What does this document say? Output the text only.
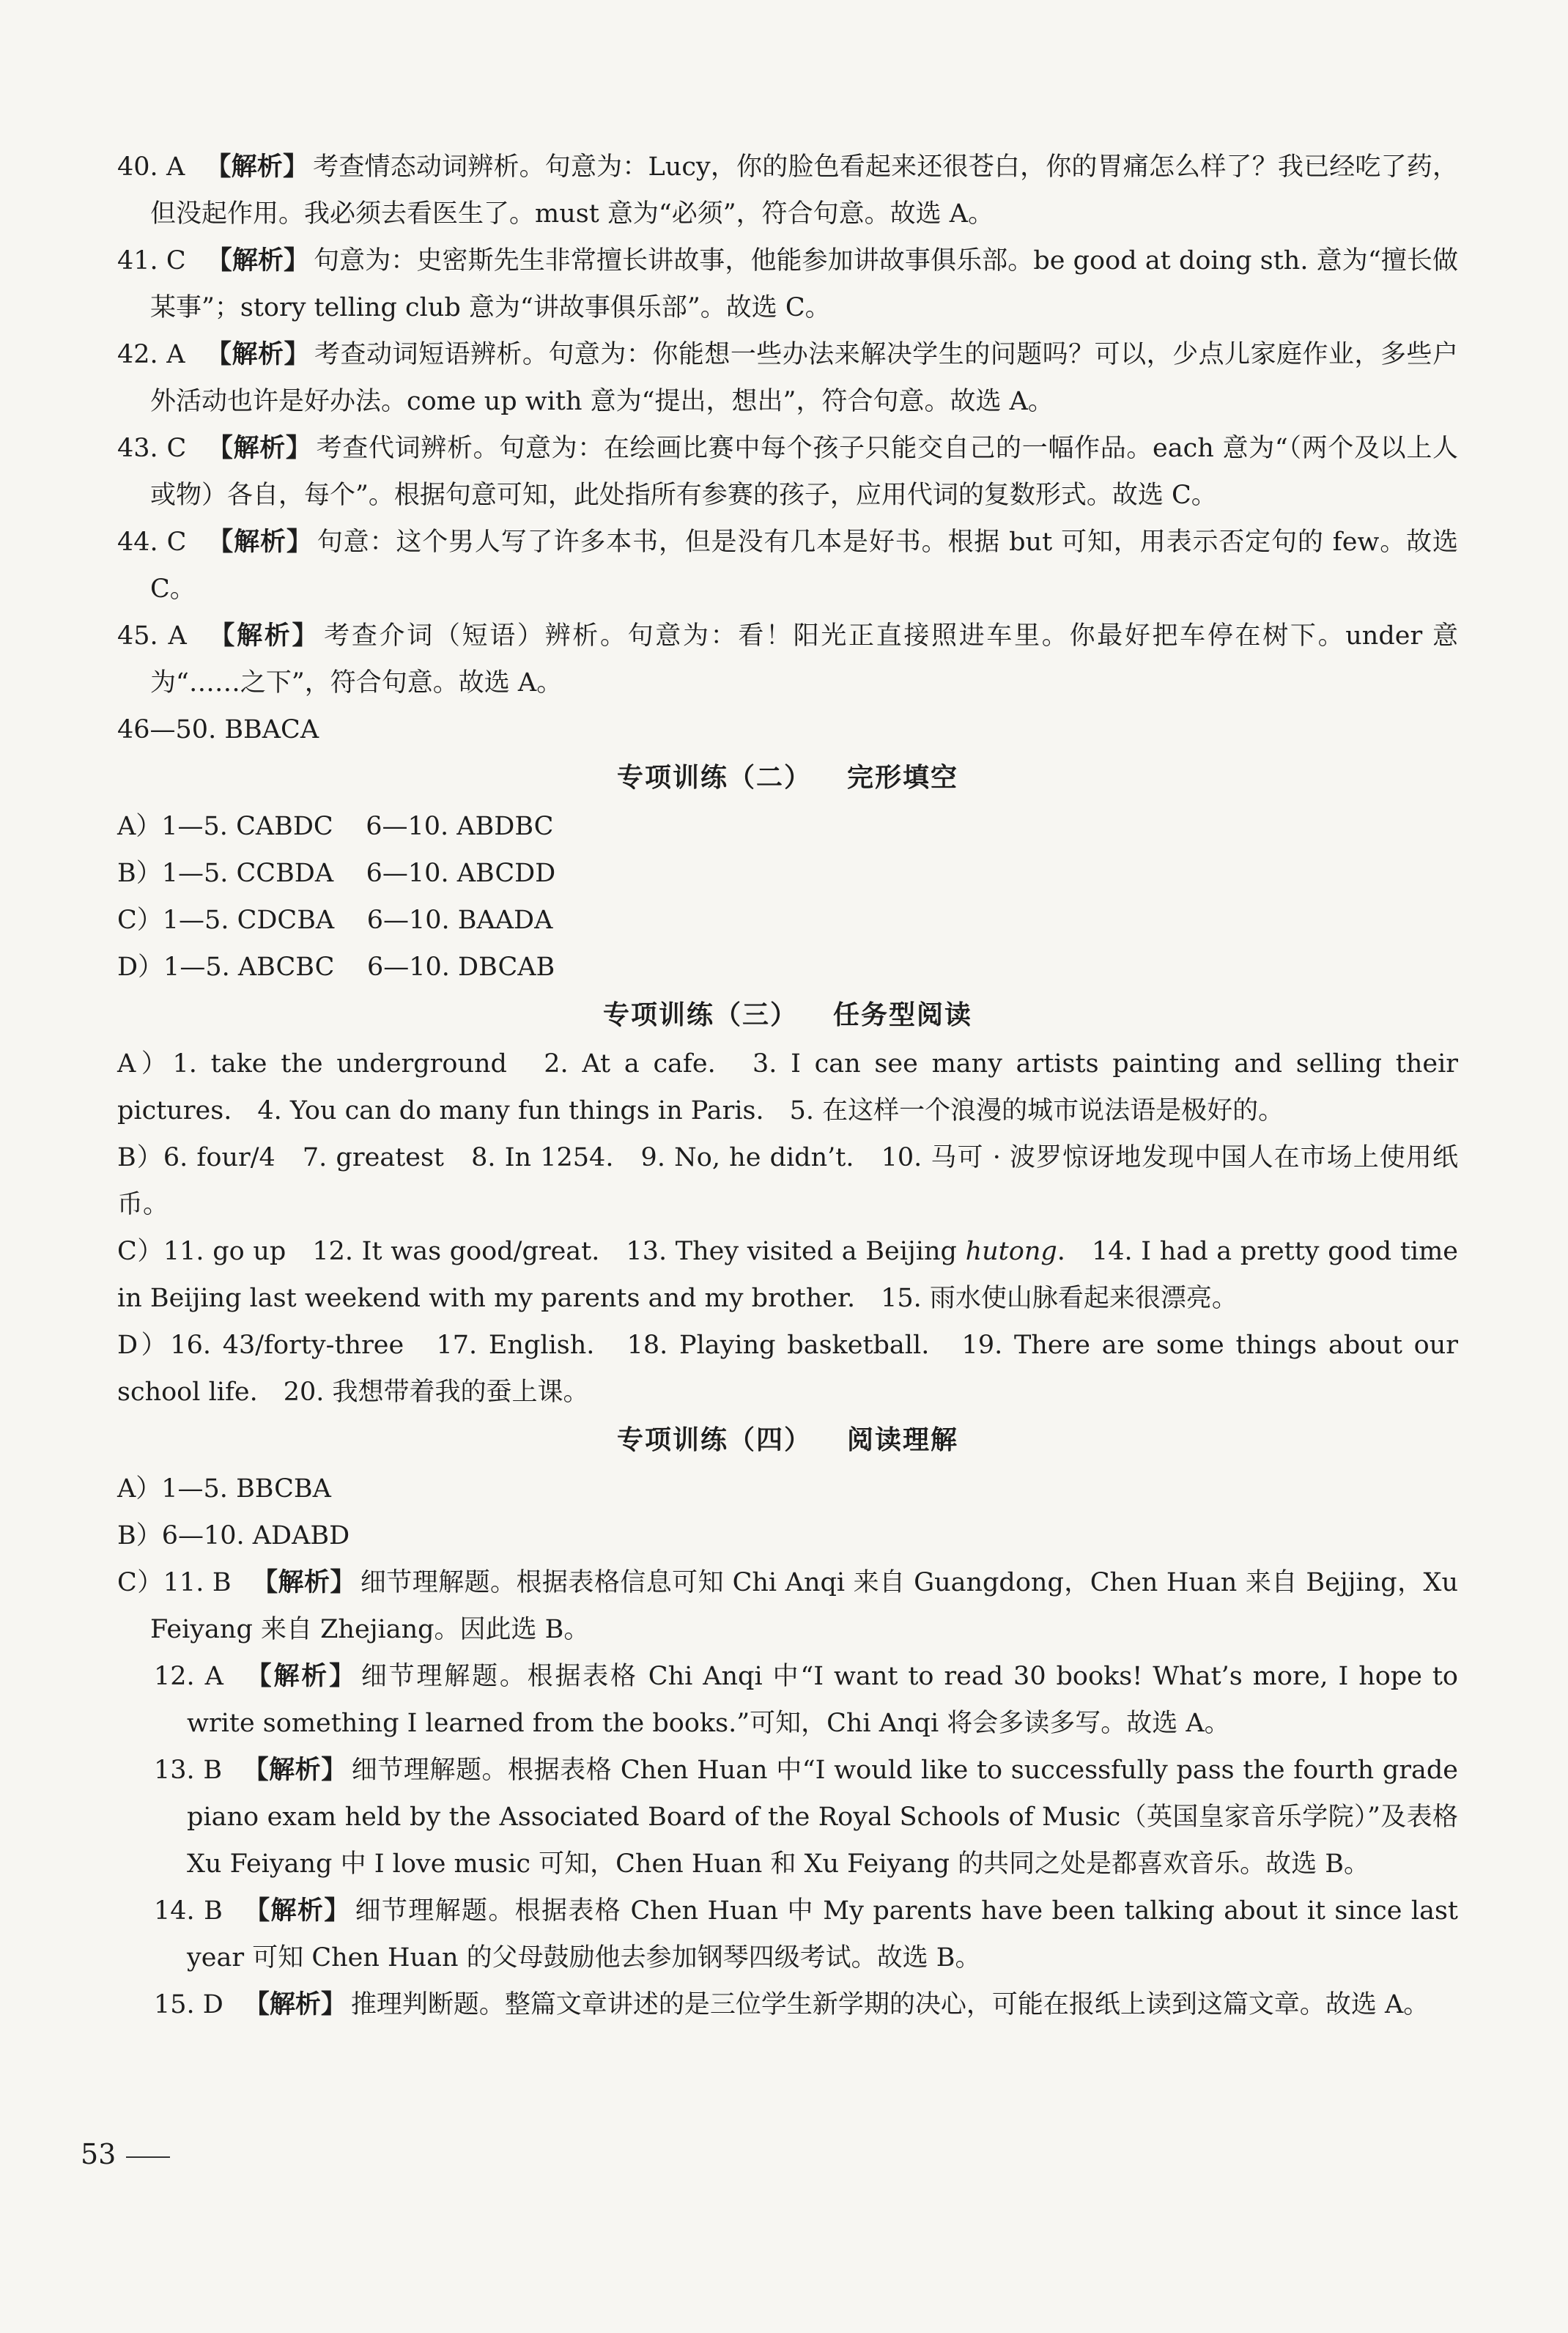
40. A 【解析】 考查情态动词辨析。句意为：Lucy，你的脸色看起来还很苍白，你的胃痛怎么样了？我已经吃了药，但没起作用。我必须去看医生了。must 意为“必须”，符合句意。故选 A。

41. C 【解析】 句意为：史密斯先生非常擅长讲故事，他能参加讲故事俱乐部。be good at doing sth. 意为“擅长做某事”；story telling club 意为“讲故事俱乐部”。故选 C。

42. A 【解析】 考查动词短语辨析。句意为：你能想一些办法来解决学生的问题吗？可以，少点儿家庭作业，多些户外活动也许是好办法。come up with 意为“提出，想出”，符合句意。故选 A。

43. C 【解析】 考查代词辨析。句意为：在绘画比赛中每个孩子只能交自己的一幅作品。each 意为“（两个及以上人或物）各自，每个”。根据句意可知，此处指所有参赛的孩子，应用代词的复数形式。故选 C。

44. C 【解析】 句意：这个男人写了许多本书，但是没有几本是好书。根据 but 可知，用表示否定句的 few。故选 C。

45. A 【解析】 考查介词（短语）辨析。句意为：看！阳光正直接照进车里。你最好把车停在树下。under 意为“……之下”，符合句意。故选 A。

46—50. BBACA

专项训练（二） 完形填空
A）1—5. CABDC 6—10. ABDBC
B）1—5. CCBDA 6—10. ABCDD
C）1—5. CDCBA 6—10. BAADA
D）1—5. ABCBC 6—10. DBCAB
专项训练（三） 任务型阅读

A）1. take the underground　2. At a cafe.　3. I can see many artists painting and selling their pictures.　4. You can do many fun things in Paris.　5. 在这样一个浪漫的城市说法语是极好的。

B）6. four/4　7. greatest　8. In 1254.　9. No, he didn’t.　10. 马可 · 波罗惊讶地发现中国人在市场上使用纸币。

C）11. go up　12. It was good/great.　13. They visited a Beijing hutong.　14. I had a pretty good time in Beijing last weekend with my parents and my brother.　15. 雨水使山脉看起来很漂亮。

D）16. 43/forty-three　17. English.　18. Playing basketball.　19. There are some things about our school life.　20. 我想带着我的蚕上课。

专项训练（四） 阅读理解

A）1—5. BBCBA

B）6—10. ADABD

C）11. B 【解析】 细节理解题。根据表格信息可知 Chi Anqi 来自 Guangdong，Chen Huan 来自 Bejjing，Xu Feiyang 来自 Zhejiang。因此选 B。

12. A 【解析】 细节理解题。根据表格 Chi Anqi 中“I want to read 30 books! What’s more, I hope to write something I learned from the books.”可知，Chi Anqi 将会多读多写。故选 A。

13. B 【解析】 细节理解题。根据表格 Chen Huan 中“I would like to successfully pass the fourth grade piano exam held by the Associated Board of the Royal Schools of Music（英国皇家音乐学院）”及表格 Xu Feiyang 中 I love music 可知，Chen Huan 和 Xu Feiyang 的共同之处是都喜欢音乐。故选 B。

14. B 【解析】 细节理解题。根据表格 Chen Huan 中 My parents have been talking about it since last year 可知 Chen Huan 的父母鼓励他去参加钢琴四级考试。故选 B。

15. D 【解析】 推理判断题。整篇文章讲述的是三位学生新学期的决心，可能在报纸上读到这篇文章。故选 A。

53
